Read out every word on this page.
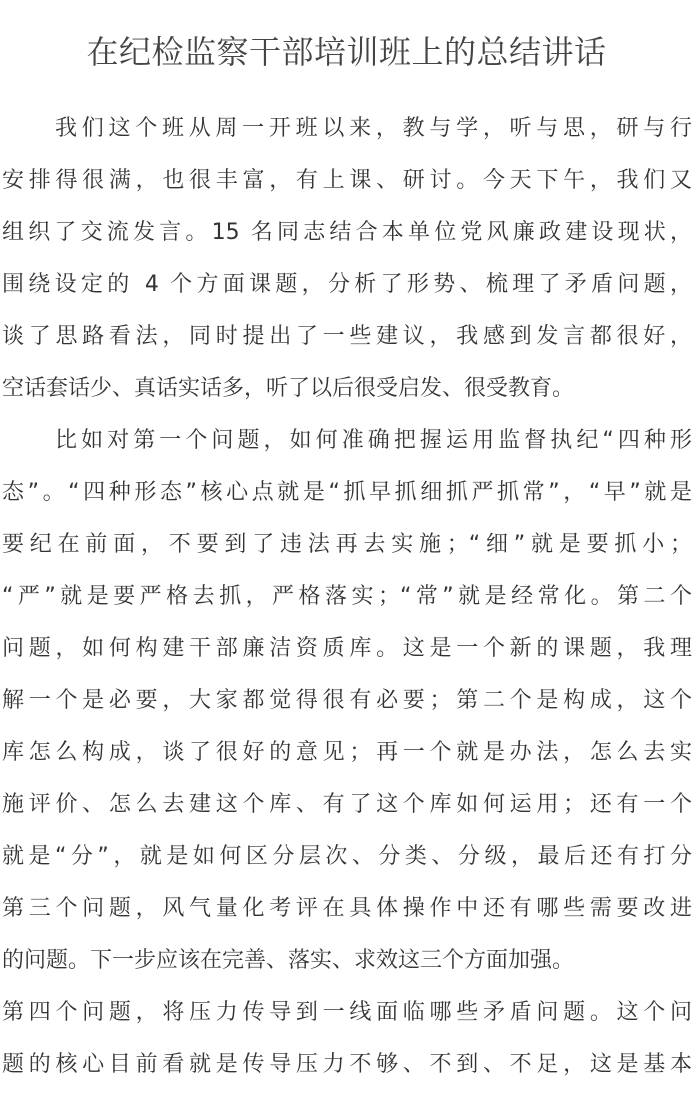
在纪检监察干部培训班上的总结讲话
我们这个班从周一开班以来，教与学，听与思，研与行
安排得很满，也很丰富，有上课、研讨。今天下午，我们又
组织了交流发言。15 名同志结合本单位党风廉政建设现状，
围绕设定的 4 个方面课题，分析了形势、梳理了矛盾问题，
谈了思路看法，同时提出了一些建议，我感到发言都很好，
空话套话少、真话实话多，听了以后很受启发、很受教育。
比如对第一个问题，如何准确把握运用监督执纪“四种形
态”。“四种形态”核心点就是“抓早抓细抓严抓常”，“早”就是
要纪在前面，不要到了违法再去实施；“细”就是要抓小；
“严”就是要严格去抓，严格落实；“常”就是经常化。第二个
问题，如何构建干部廉洁资质库。这是一个新的课题，我理
解一个是必要，大家都觉得很有必要；第二个是构成，这个
库怎么构成，谈了很好的意见；再一个就是办法，怎么去实
施评价、怎么去建这个库、有了这个库如何运用；还有一个
就是“分”，就是如何区分层次、分类、分级，最后还有打分
第三个问题，风气量化考评在具体操作中还有哪些需要改进
的问题。下一步应该在完善、落实、求效这三个方面加强。
第四个问题，将压力传导到一线面临哪些矛盾问题。这个问
题的核心目前看就是传导压力不够、不到、不足，这是基本
